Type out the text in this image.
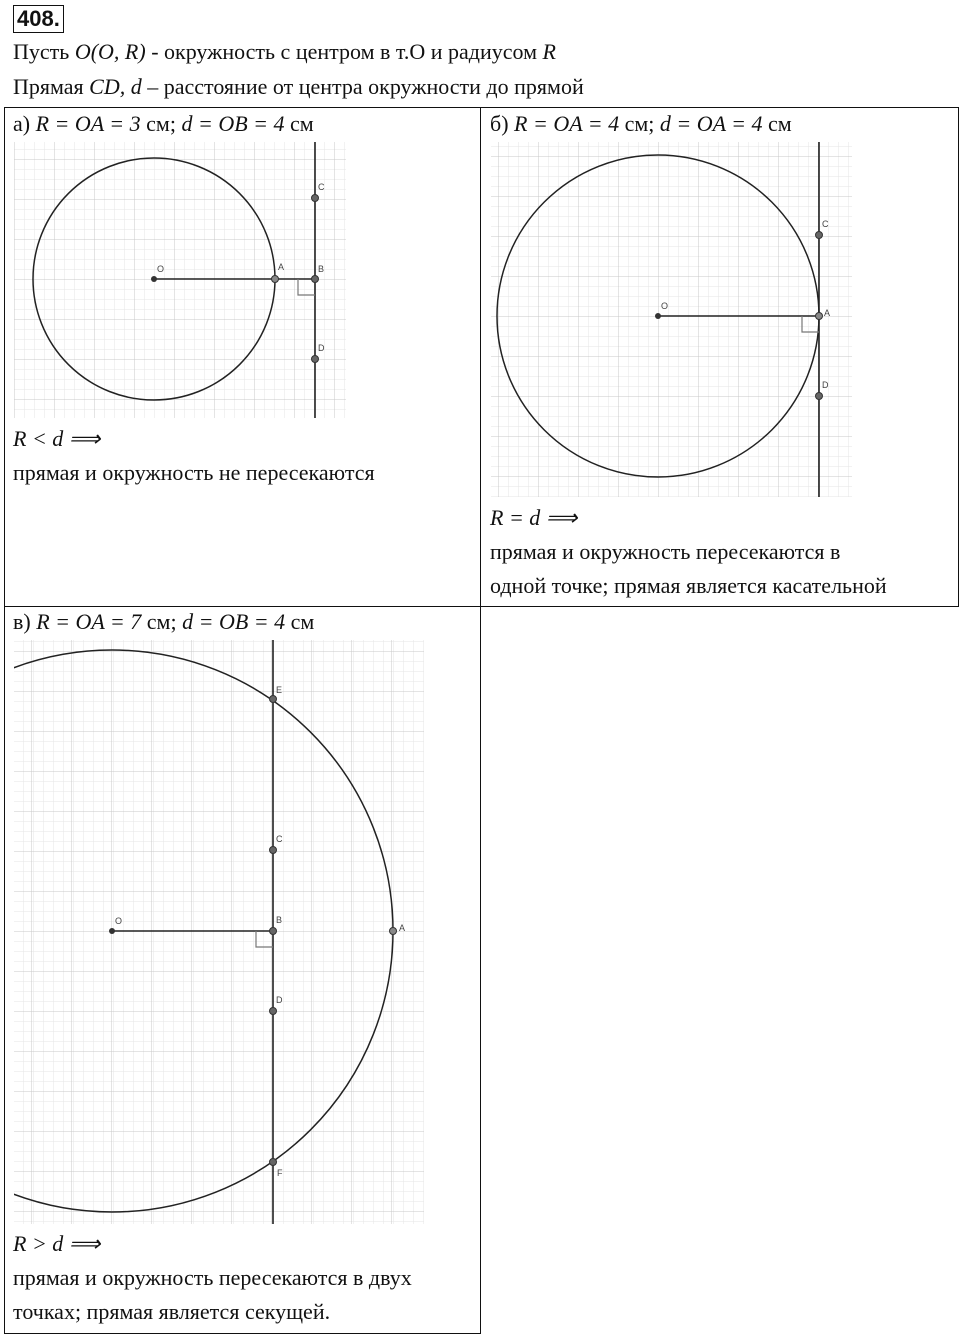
408.
Пусть O(O, R) - окружность с центром в т.О и радиусом R
Прямая CD, d – расстояние от центра окружности до прямой
а) R = OA = 3 см; d = OB = 4 см
O	A	B
C
D
R < d ⟹
прямая и окружность не пересекаются
б) R = OA = 4 см; d = OA = 4 см
O
A
C
D
R = d ⟹
прямая и окружность пересекаются в
одной точке; прямая является касательной
в) R = OA = 7 см; d = OB = 4 см
O
A
B
C
D
E
F
R > d ⟹
прямая и окружность пересекаются в двух
точках; прямая является секущей.
